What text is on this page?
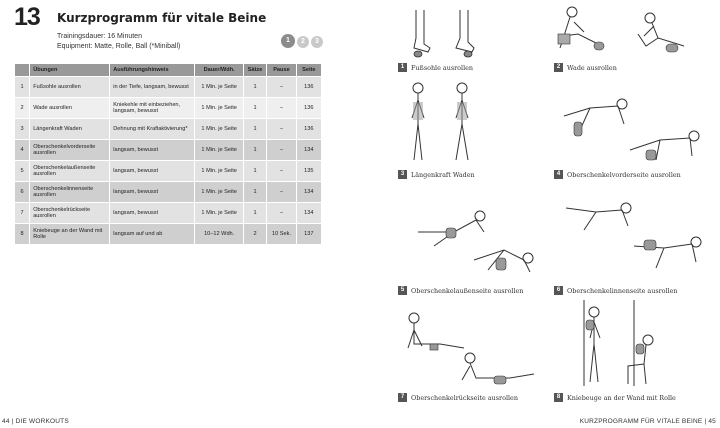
13 Kurzprogramm für vitale Beine
Trainingsdauer: 16 Minuten
Equipment: Matte, Rolle, Ball (*Miniball)
1	2	3
	Übungen	Ausführungshinweis	Dauer/Wdh.	Sätze	Pause	Seite
1	Fußsohle ausrollen	in der Tiefe, langsam, bewusst	1 Min. je Seite	1	–	136
2	Wade ausrollen	Kniekehle mit einbeziehen, langsam, bewusst	1 Min. je Seite	1	–	136
3	Längenkraft Waden	Dehnung mit Kraftaktivierung*	1 Min. je Seite	1	–	136
4	Oberschenkelvorderseite ausrollen	langsam, bewusst	1 Min. je Seite	1	–	134
5	Oberschenkelaußenseite ausrollen	langsam, bewusst	1 Min. je Seite	1	–	135
6	Oberschenkelinnenseite ausrollen	langsam, bewusst	1 Min. je Seite	1	–	134
7	Oberschenkelrückseite ausrollen	langsam, bewusst	1 Min. je Seite	1	–	134
8	Kniebeuge an der Wand mit Rolle	langsam auf und ab	10–12 Wdh.	2	10 Sek.	137
44 | DIE WORKOUTS
1	Fußsohle ausrollen	2	Wade ausrollen
3	Längenkraft Waden	4	Oberschenkelvorderseite ausrollen
5	Oberschenkelaußenseite ausrollen	6	Oberschenkelinnenseite ausrollen
7	Oberschenkelrückseite ausrollen	8	Kniebeuge an der Wand mit Rolle
KURZPROGRAMM FÜR VITALE BEINE | 45
